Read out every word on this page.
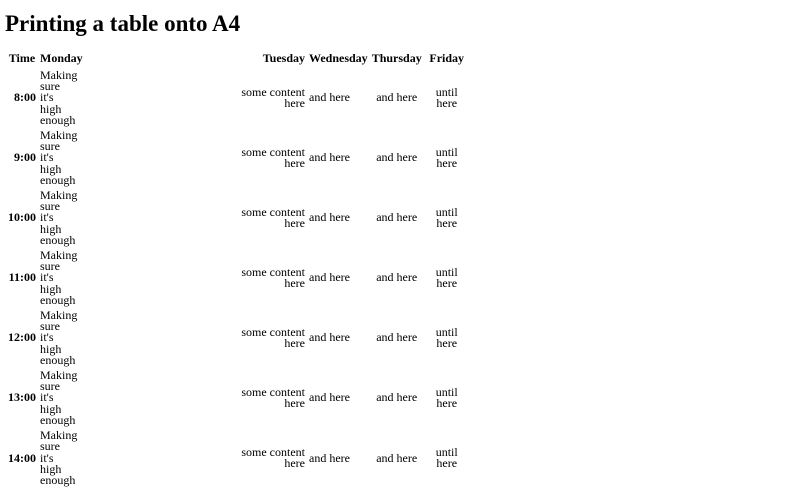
Printing a table onto A4
Time	Monday	Tuesday	Wednesday	Thursday	Friday
8:00	Making sure it's high enough	some content here	and here	and here	until here
9:00	Making sure it's high enough	some content here	and here	and here	until here
10:00	Making sure it's high enough	some content here	and here	and here	until here
11:00	Making sure it's high enough	some content here	and here	and here	until here
12:00	Making sure it's high enough	some content here	and here	and here	until here
13:00	Making sure it's high enough	some content here	and here	and here	until here
14:00	Making sure it's high enough	some content here	and here	and here	until here
